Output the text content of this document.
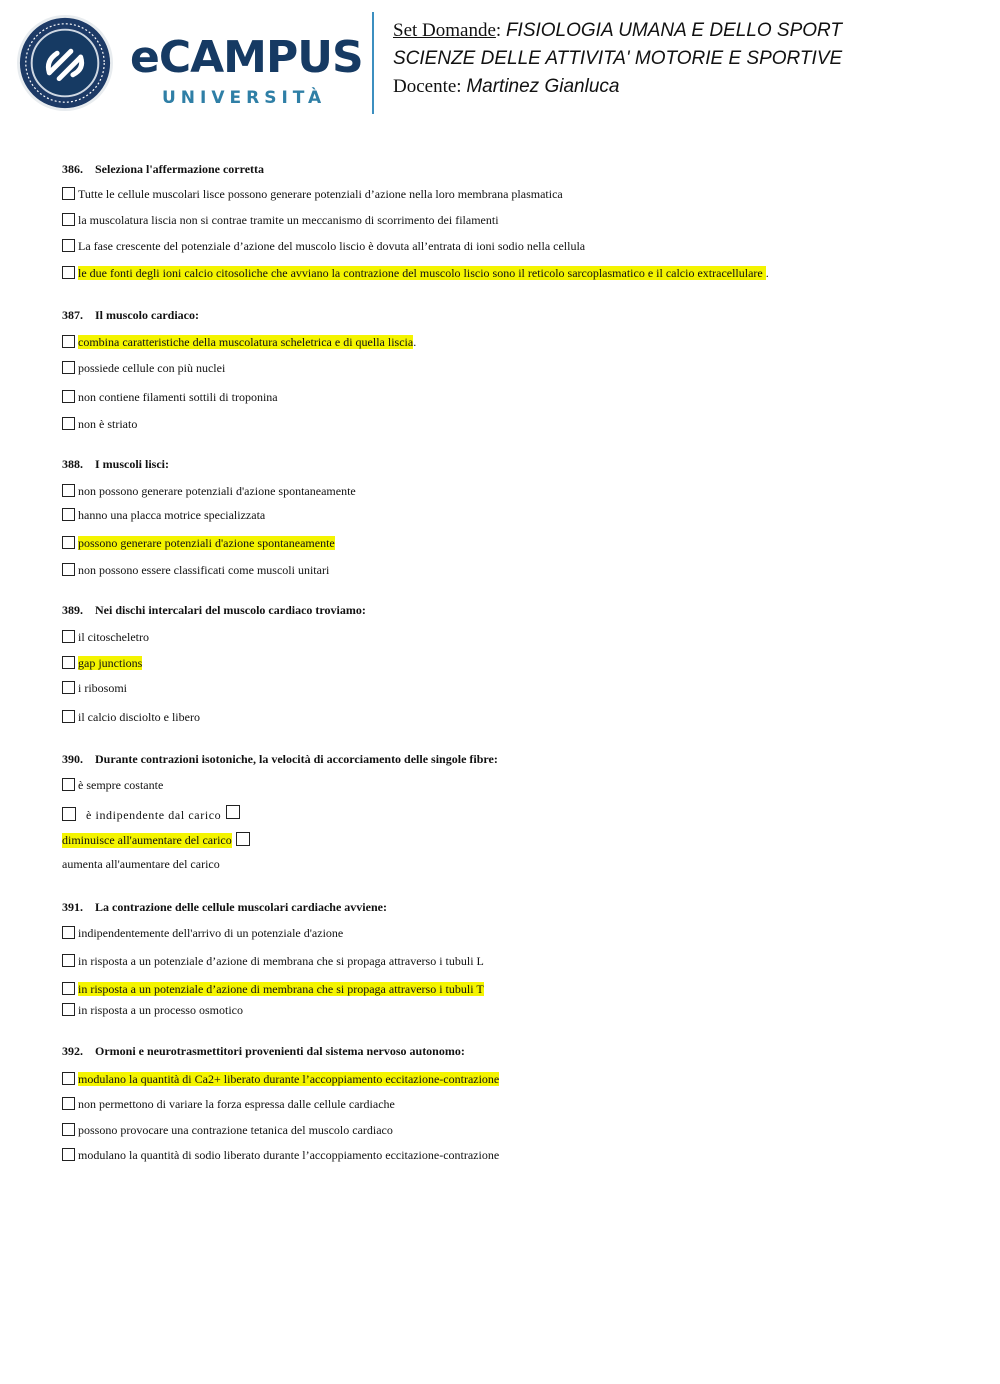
eCAMPUS
UNIVERSITÀ
Set Domande: FISIOLOGIA UMANA E DELLO SPORT
SCIENZE DELLE ATTIVITA' MOTORIE E SPORTIVE
Docente: Martinez Gianluca
386. Seleziona l'affermazione corretta
Tutte le cellule muscolari lisce possono generare potenziali d’azione nella loro membrana plasmatica
la muscolatura liscia non si contrae tramite un meccanismo di scorrimento dei filamenti
La fase crescente del potenziale d’azione del muscolo liscio è dovuta all’entrata di ioni sodio nella cellula
le due fonti degli ioni calcio citosoliche che avviano la contrazione del muscolo liscio sono il reticolo sarcoplasmatico e il calcio extracellulare .
387. Il muscolo cardiaco:
combina caratteristiche della muscolatura scheletrica e di quella liscia.
possiede cellule con più nuclei
non contiene filamenti sottili di troponina
non è striato
388. I muscoli lisci:
non possono generare potenziali d'azione spontaneamente
hanno una placca motrice specializzata
possono generare potenziali d'azione spontaneamente
non possono essere classificati come muscoli unitari
389. Nei dischi intercalari del muscolo cardiaco troviamo:
il citoscheletro
gap junctions
i ribosomi
il calcio disciolto e libero
390. Durante contrazioni isotoniche, la velocità di accorciamento delle singole fibre:
è sempre costante
è indipendente dal carico
diminuisce all'aumentare del carico
aumenta all'aumentare del carico
391. La contrazione delle cellule muscolari cardiache avviene:
indipendentemente dell'arrivo di un potenziale d'azione
in risposta a un potenziale d’azione di membrana che si propaga attraverso i tubuli L
in risposta a un potenziale d’azione di membrana che si propaga attraverso i tubuli T
in risposta a un processo osmotico
392. Ormoni e neurotrasmettitori provenienti dal sistema nervoso autonomo:
modulano la quantità di Ca2+ liberato durante l’accoppiamento eccitazione-contrazione
non permettono di variare la forza espressa dalle cellule cardiache
possono provocare una contrazione tetanica del muscolo cardiaco
modulano la quantità di sodio liberato durante l’accoppiamento eccitazione-contrazione
